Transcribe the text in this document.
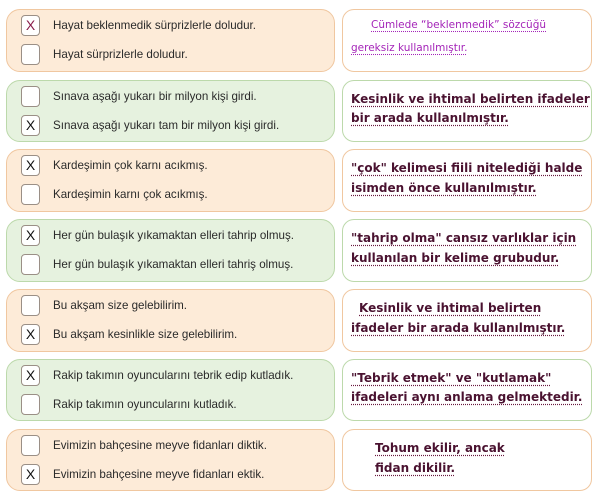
X	Hayat beklenmedik sürprizlerle doludur.
Hayat sürprizlerle doludur.
Cümlede “beklenmedik” sözcüğü
gereksiz kullanılmıştır.
Sınava aşağı yukarı bir milyon kişi girdi.
X	Sınava aşağı yukarı tam bir milyon kişi girdi.
Kesinlik ve ihtimal belirten ifadeler
bir arada kullanılmıştır.
X	Kardeşimin çok karnı acıkmış.
Kardeşimin karnı çok acıkmış.
"çok" kelimesi fiili nitelediği halde
isimden önce kullanılmıştır.
X	Her gün bulaşık yıkamaktan elleri tahrip olmuş.
Her gün bulaşık yıkamaktan elleri tahriş olmuş.
"tahrip olma" cansız varlıklar için
kullanılan bir kelime grubudur.
Bu akşam size gelebilirim.
X	Bu akşam kesinlikle size gelebilirim.
Kesinlik ve ihtimal belirten
ifadeler bir arada kullanılmıştır.
X	Rakip takımın oyuncularını tebrik edip kutladık.
Rakip takımın oyuncularını kutladık.
"Tebrik etmek" ve "kutlamak"
ifadeleri aynı anlama gelmektedir.
Evimizin bahçesine meyve fidanları diktik.
X	Evimizin bahçesine meyve fidanları ektik.
Tohum ekilir, ancak
fidan dikilir.
